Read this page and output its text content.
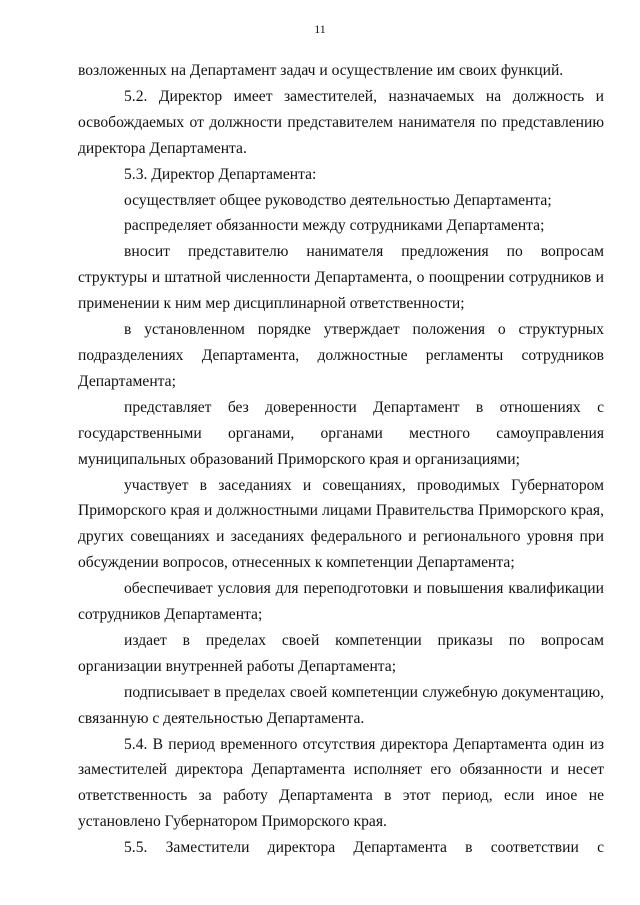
11

возложенных на Департамент задач и осуществление им своих функций.

5.2. Директор имеет заместителей, назначаемых на должность и освобождаемых от должности представителем нанимателя по представлению директора Департамента.

5.3. Директор Департамента:

осуществляет общее руководство деятельностью Департамента;

распределяет обязанности между сотрудниками Департамента;

вносит представителю нанимателя предложения по вопросам структуры и штатной численности Департамента, о поощрении сотрудников и применении к ним мер дисциплинарной ответственности;

в установленном порядке утверждает положения о структурных подразделениях Департамента, должностные регламенты сотрудников Департамента;

представляет без доверенности Департамент в отношениях с государственными органами, органами местного самоуправления муниципальных образований Приморского края и организациями;

участвует в заседаниях и совещаниях, проводимых Губернатором Приморского края и должностными лицами Правительства Приморского края, других совещаниях и заседаниях федерального и регионального уровня при обсуждении вопросов, отнесенных к компетенции Департамента;

обеспечивает условия для переподготовки и повышения квалификации сотрудников Департамента;

издает в пределах своей компетенции приказы по вопросам организации внутренней работы Департамента;

подписывает в пределах своей компетенции служебную документацию, связанную с деятельностью Департамента.

5.4. В период временного отсутствия директора Департамента один из заместителей директора Департамента исполняет его обязанности и несет ответственность за работу Департамента в этот период, если иное не установлено Губернатором Приморского края.

5.5. Заместители директора Департамента в соответствии с
